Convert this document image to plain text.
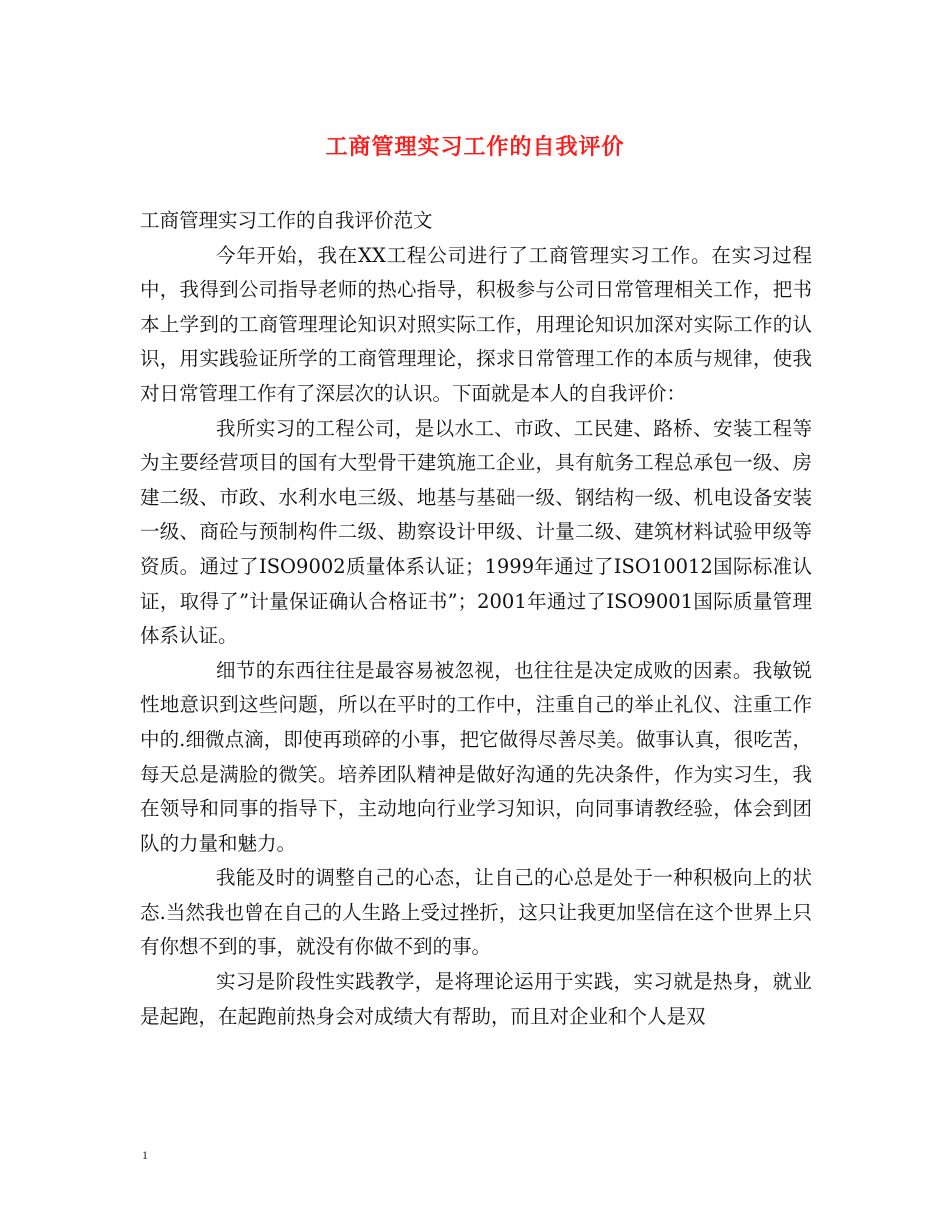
工商管理实习工作的自我评价

工商管理实习工作的自我评价范文

今年开始，我在XX工程公司进行了工商管理实习工作。在实习过程中，我得到公司指导老师的热心指导，积极参与公司日常管理相关工作，把书本上学到的工商管理理论知识对照实际工作，用理论知识加深对实际工作的认识，用实践验证所学的工商管理理论，探求日常管理工作的本质与规律，使我对日常管理工作有了深层次的认识。下面就是本人的自我评价：

我所实习的工程公司，是以水工、市政、工民建、路桥、安装工程等为主要经营项目的国有大型骨干建筑施工企业，具有航务工程总承包一级、房建二级、市政、水利水电三级、地基与基础一级、钢结构一级、机电设备安装一级、商砼与预制构件二级、勘察设计甲级、计量二级、建筑材料试验甲级等资质。通过了ISO9002质量体系认证；1999年通过了ISO10012国际标准认证，取得了”计量保证确认合格证书”；2001年通过了ISO9001国际质量管理体系认证。

细节的东西往往是最容易被忽视，也往往是决定成败的因素。我敏锐性地意识到这些问题，所以在平时的工作中，注重自己的举止礼仪、注重工作中的.细微点滴，即使再琐碎的小事，把它做得尽善尽美。做事认真，很吃苦，每天总是满脸的微笑。培养团队精神是做好沟通的先决条件，作为实习生，我在领导和同事的指导下，主动地向行业学习知识，向同事请教经验，体会到团队的力量和魅力。

我能及时的调整自己的心态，让自己的心总是处于一种积极向上的状态.当然我也曾在自己的人生路上受过挫折，这只让我更加坚信在这个世界上只有你想不到的事，就没有你做不到的事。

实习是阶段性实践教学，是将理论运用于实践，实习就是热身，就业是起跑，在起跑前热身会对成绩大有帮助，而且对企业和个人是双

1
